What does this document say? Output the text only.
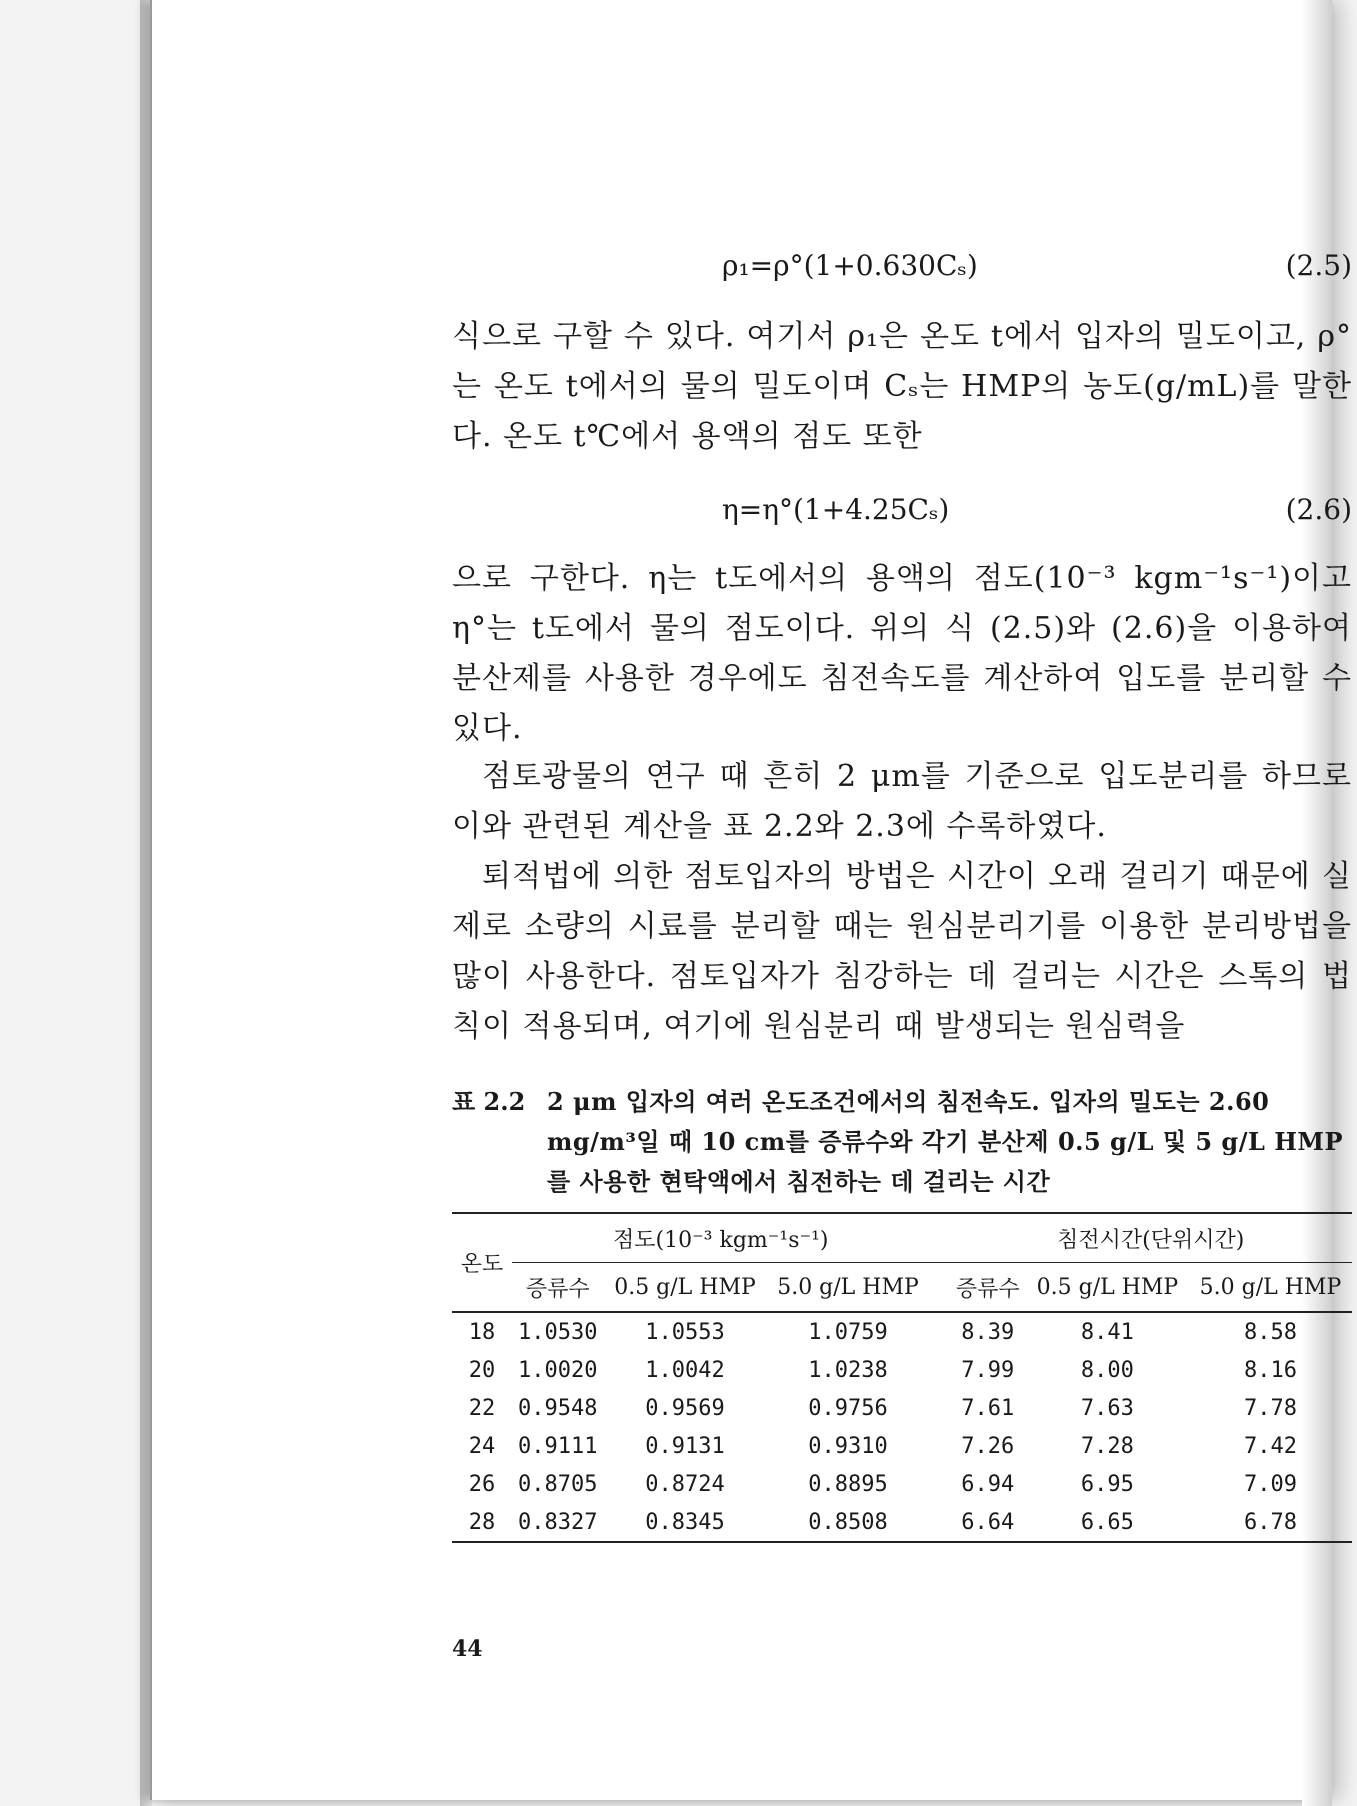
ρ₁=ρ°(1+0.630Cₛ)	(2.5)
식으로 구할 수 있다. 여기서 ρ₁은 온도 t에서 입자의 밀도이고, ρ°는 온도 t에서의 물의 밀도이며 Cₛ는 HMP의 농도(g/mL)를 말한다. 온도 t℃에서 용액의 점도 또한
η=η°(1+4.25Cₛ)	(2.6)
으로 구한다. η는 t도에서의 용액의 점도(10⁻³ kgm⁻¹s⁻¹)이고 η°는 t도에서 물의 점도이다. 위의 식 (2.5)와 (2.6)을 이용하여 분산제를 사용한 경우에도 침전속도를 계산하여 입도를 분리할 수 있다.
점토광물의 연구 때 흔히 2 μm를 기준으로 입도분리를 하므로 이와 관련된 계산을 표 2.2와 2.3에 수록하였다.
퇴적법에 의한 점토입자의 방법은 시간이 오래 걸리기 때문에 실제로 소량의 시료를 분리할 때는 원심분리기를 이용한 분리방법을 많이 사용한다. 점토입자가 침강하는 데 걸리는 시간은 스톡의 법칙이 적용되며, 여기에 원심분리 때 발생되는 원심력을
표 2.2 2 μm 입자의 여러 온도조건에서의 침전속도. 입자의 밀도는 2.60 mg/m³일 때 10 cm를 증류수와 각기 분산제 0.5 g/L 및 5 g/L HMP를 사용한 현탁액에서 침전하는 데 걸리는 시간
온도	점도(10⁻³ kgm⁻¹s⁻¹)			침전시간(단위시간)		
	증류수	0.5 g/L HMP	5.0 g/L HMP	증류수	0.5 g/L HMP	5.0 g/L HMP
18	1.0530	1.0553	1.0759	8.39	8.41	8.58
20	1.0020	1.0042	1.0238	7.99	8.00	8.16
22	0.9548	0.9569	0.9756	7.61	7.63	7.78
24	0.9111	0.9131	0.9310	7.26	7.28	7.42
26	0.8705	0.8724	0.8895	6.94	6.95	7.09
28	0.8327	0.8345	0.8508	6.64	6.65	6.78
44
